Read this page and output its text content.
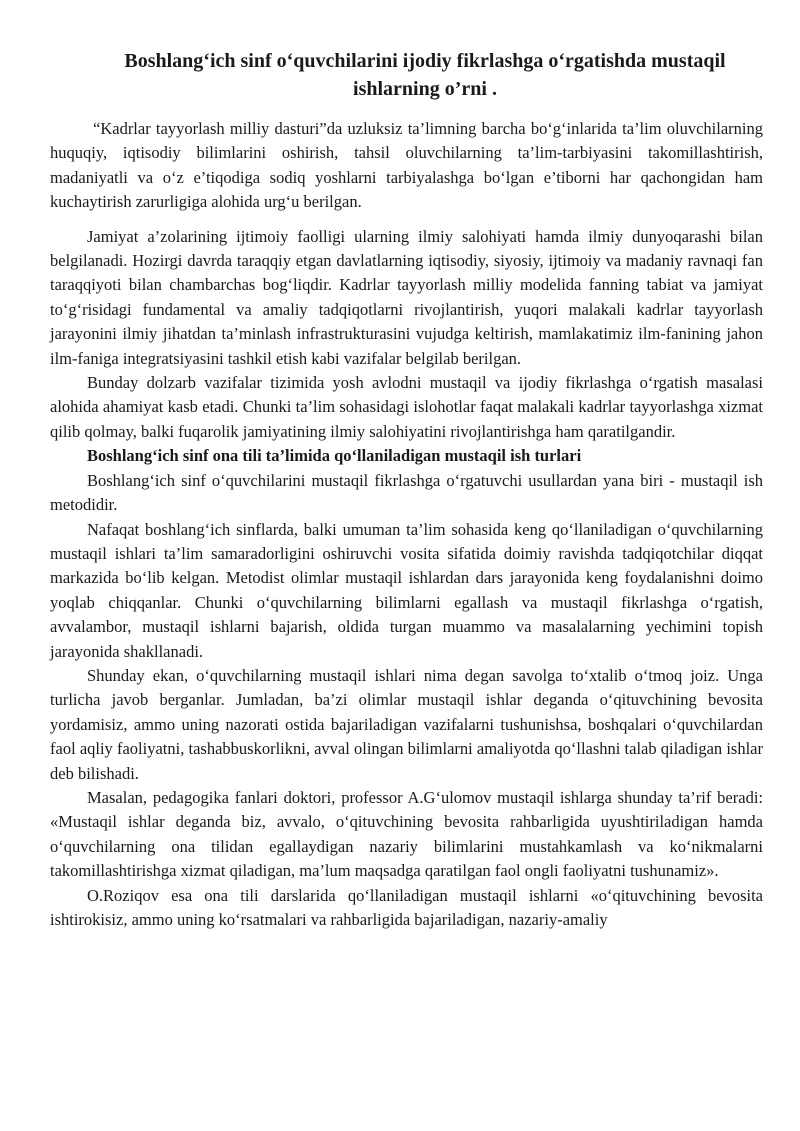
Boshlang‘ich sinf o‘quvchilarini ijodiy fikrlashga o‘rgatishda mustaqil ishlarning o’rni .

“Kadrlar tayyorlash milliy dasturi”da uzluksiz ta’limning barcha bo‘g‘inlarida ta’lim oluvchilarning huquqiy, iqtisodiy bilimlarini oshirish, tahsil oluvchilarning ta’lim-tarbiyasini takomillashtirish, madaniyatli va o‘z e’tiqodiga sodiq yoshlarni tarbiyalashga bo‘lgan e’tiborni har qachongidan ham kuchaytirish zarurligiga alohida urg‘u berilgan.

Jamiyat a’zolarining ijtimoiy faolligi ularning ilmiy salohiyati hamda ilmiy dunyoqarashi bilan belgilanadi. Hozirgi davrda taraqqiy etgan davlatlarning iqtisodiy, siyosiy, ijtimoiy va madaniy ravnaqi fan taraqqiyoti bilan chambarchas bog‘liqdir. Kadrlar tayyorlash milliy modelida fanning tabiat va jamiyat to‘g‘risidagi fundamental va amaliy tadqiqotlarni rivojlantirish, yuqori malakali kadrlar tayyorlash jarayonini ilmiy jihatdan ta’minlash infrastrukturasini vujudga keltirish, mamlakatimiz ilm-fanining jahon ilm-faniga integratsiyasini tashkil etish kabi vazifalar belgilab berilgan.

Bunday dolzarb vazifalar tizimida yosh avlodni mustaqil va ijodiy fikrlashga o‘rgatish masalasi alohida ahamiyat kasb etadi. Chunki ta’lim sohasidagi islohotlar faqat malakali kadrlar tayyorlashga xizmat qilib qolmay, balki fuqarolik jamiyatining ilmiy salohiyatini rivojlantirishga ham qaratilgandir.

Boshlang‘ich sinf ona tili ta’limida qo‘llaniladigan mustaqil ish turlari

Boshlang‘ich sinf o‘quvchilarini mustaqil fikrlashga o‘rgatuvchi usullardan yana biri - mustaqil ish metodidir.

Nafaqat boshlang‘ich sinflarda, balki umuman ta’lim sohasida keng qo‘llaniladigan o‘quvchilarning mustaqil ishlari ta’lim samaradorligini oshiruvchi vosita sifatida doimiy ravishda tadqiqotchilar diqqat markazida bo‘lib kelgan. Metodist olimlar mustaqil ishlardan dars jarayonida keng foydalanishni doimo yoqlab chiqqanlar. Chunki o‘quvchilarning bilimlarni egallash va mustaqil fikrlashga o‘rgatish, avvalambor, mustaqil ishlarni bajarish, oldida turgan muammo va masalalarning yechimini topish jarayonida shakllanadi.

Shunday ekan, o‘quvchilarning mustaqil ishlari nima degan savolga to‘xtalib o‘tmoq joiz. Unga turlicha javob berganlar. Jumladan, ba’zi olimlar mustaqil ishlar deganda o‘qituvchining bevosita yordamisiz, ammo uning nazorati ostida bajariladigan vazifalarni tushunishsa, boshqalari o‘quvchilardan faol aqliy faoliyatni, tashabbuskorlikni, avval olingan bilimlarni amaliyotda qo‘llashni talab qiladigan ishlar deb bilishadi.

Masalan, pedagogika fanlari doktori, professor A.G‘ulomov mustaqil ishlarga shunday ta’rif beradi: «Mustaqil ishlar deganda biz, avvalo, o‘qituvchining bevosita rahbarligida uyushtiriladigan hamda o‘quvchilarning ona tilidan egallaydigan nazariy bilimlarini mustahkamlash va ko‘nikmalarni takomillashtirishga xizmat qiladigan, ma’lum maqsadga qaratilgan faol ongli faoliyatni tushunamiz».

O.Roziqov esa ona tili darslarida qo‘llaniladigan mustaqil ishlarni «o‘qituvchining bevosita ishtirokisiz, ammo uning ko‘rsatmalari va rahbarligida bajariladigan, nazariy-amaliy
